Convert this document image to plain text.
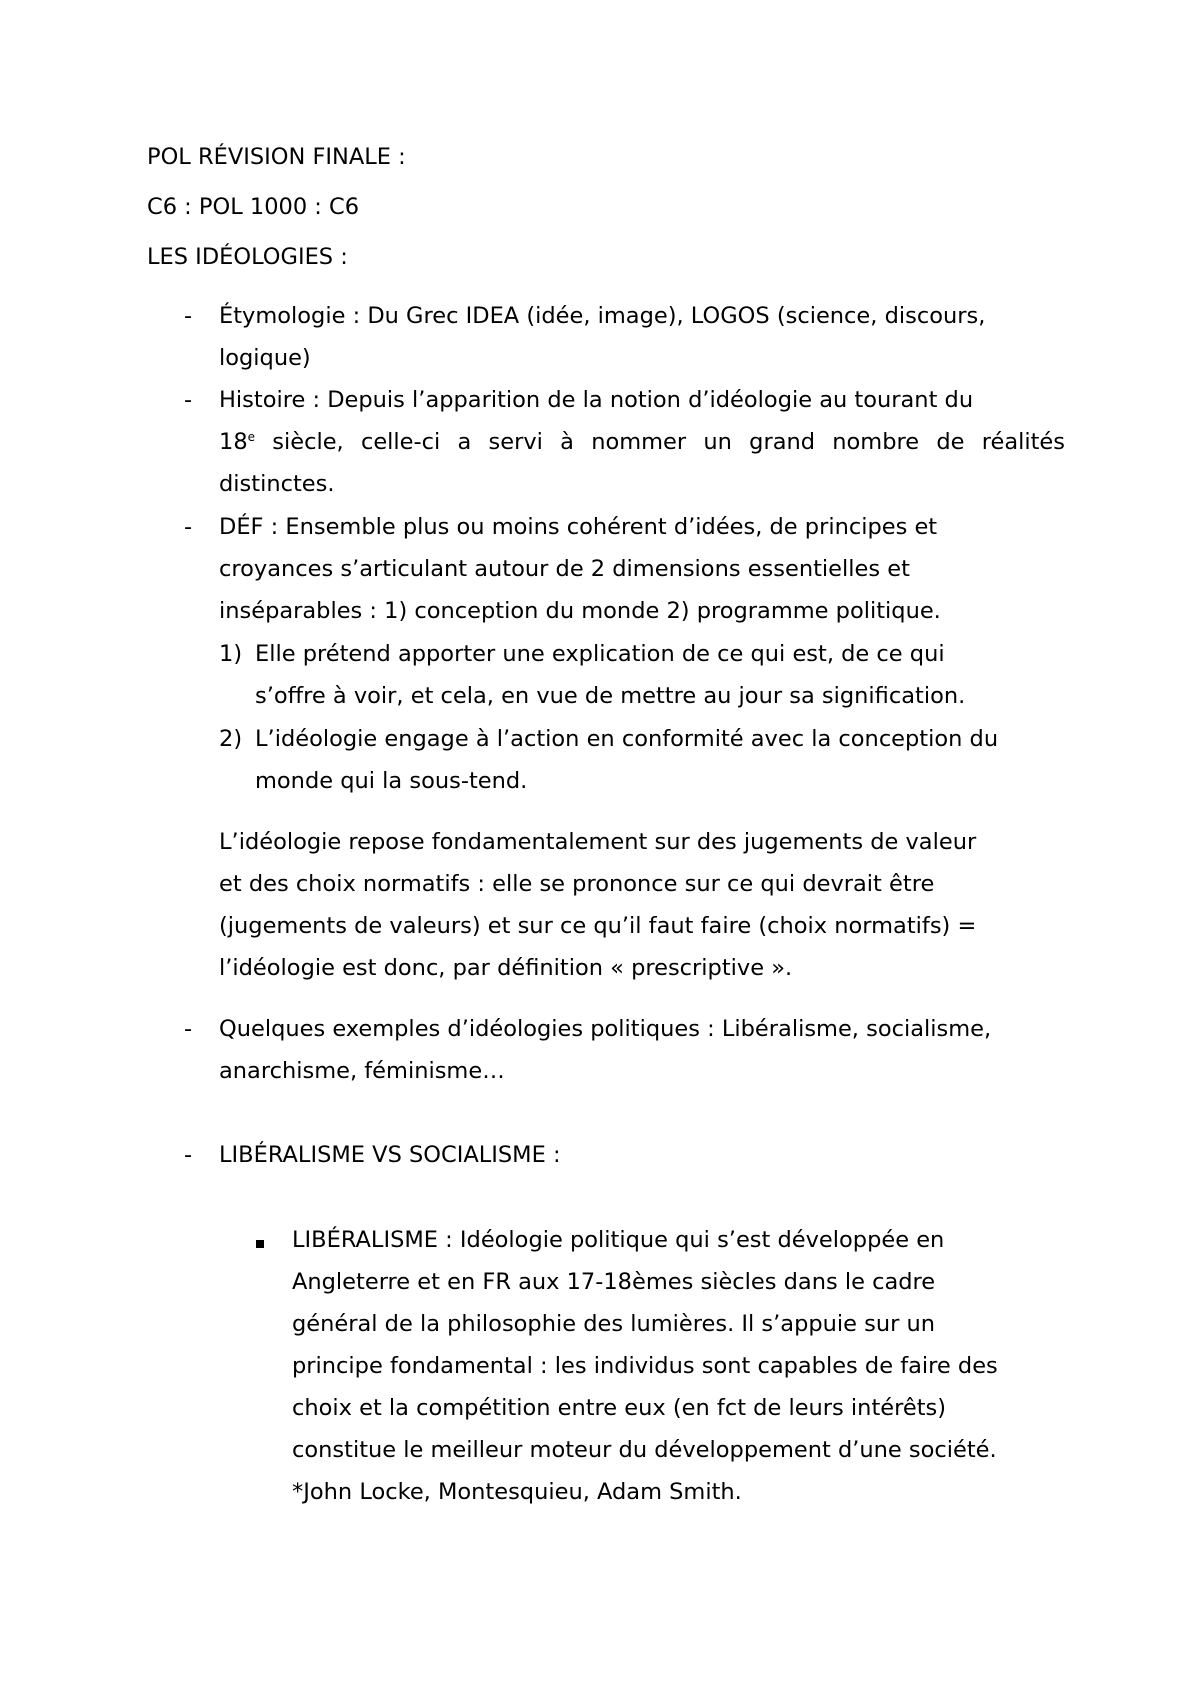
POL RÉVISION FINALE :
C6 : POL 1000 : C6
LES IDÉOLOGIES :
- Étymologie : Du Grec IDEA (idée, image), LOGOS (science, discours,
logique)
- Histoire : Depuis l’apparition de la notion d’idéologie au tourant du
18e siècle, celle-ci a servi à nommer un grand nombre de réalités
distinctes.
- DÉF : Ensemble plus ou moins cohérent d’idées, de principes et
croyances s’articulant autour de 2 dimensions essentielles et
inséparables : 1) conception du monde 2) programme politique.
1) Elle prétend apporter une explication de ce qui est, de ce qui
s’offre à voir, et cela, en vue de mettre au jour sa signification.
2) L’idéologie engage à l’action en conformité avec la conception du
monde qui la sous-tend.
L’idéologie repose fondamentalement sur des jugements de valeur
et des choix normatifs : elle se prononce sur ce qui devrait être
(jugements de valeurs) et sur ce qu’il faut faire (choix normatifs) =
l’idéologie est donc, par définition « prescriptive ».
- Quelques exemples d’idéologies politiques : Libéralisme, socialisme,
anarchisme, féminisme…
- LIBÉRALISME VS SOCIALISME :
LIBÉRALISME : Idéologie politique qui s’est développée en
Angleterre et en FR aux 17-18èmes siècles dans le cadre
général de la philosophie des lumières. Il s’appuie sur un
principe fondamental : les individus sont capables de faire des
choix et la compétition entre eux (en fct de leurs intérêts)
constitue le meilleur moteur du développement d’une société.
*John Locke, Montesquieu, Adam Smith.
